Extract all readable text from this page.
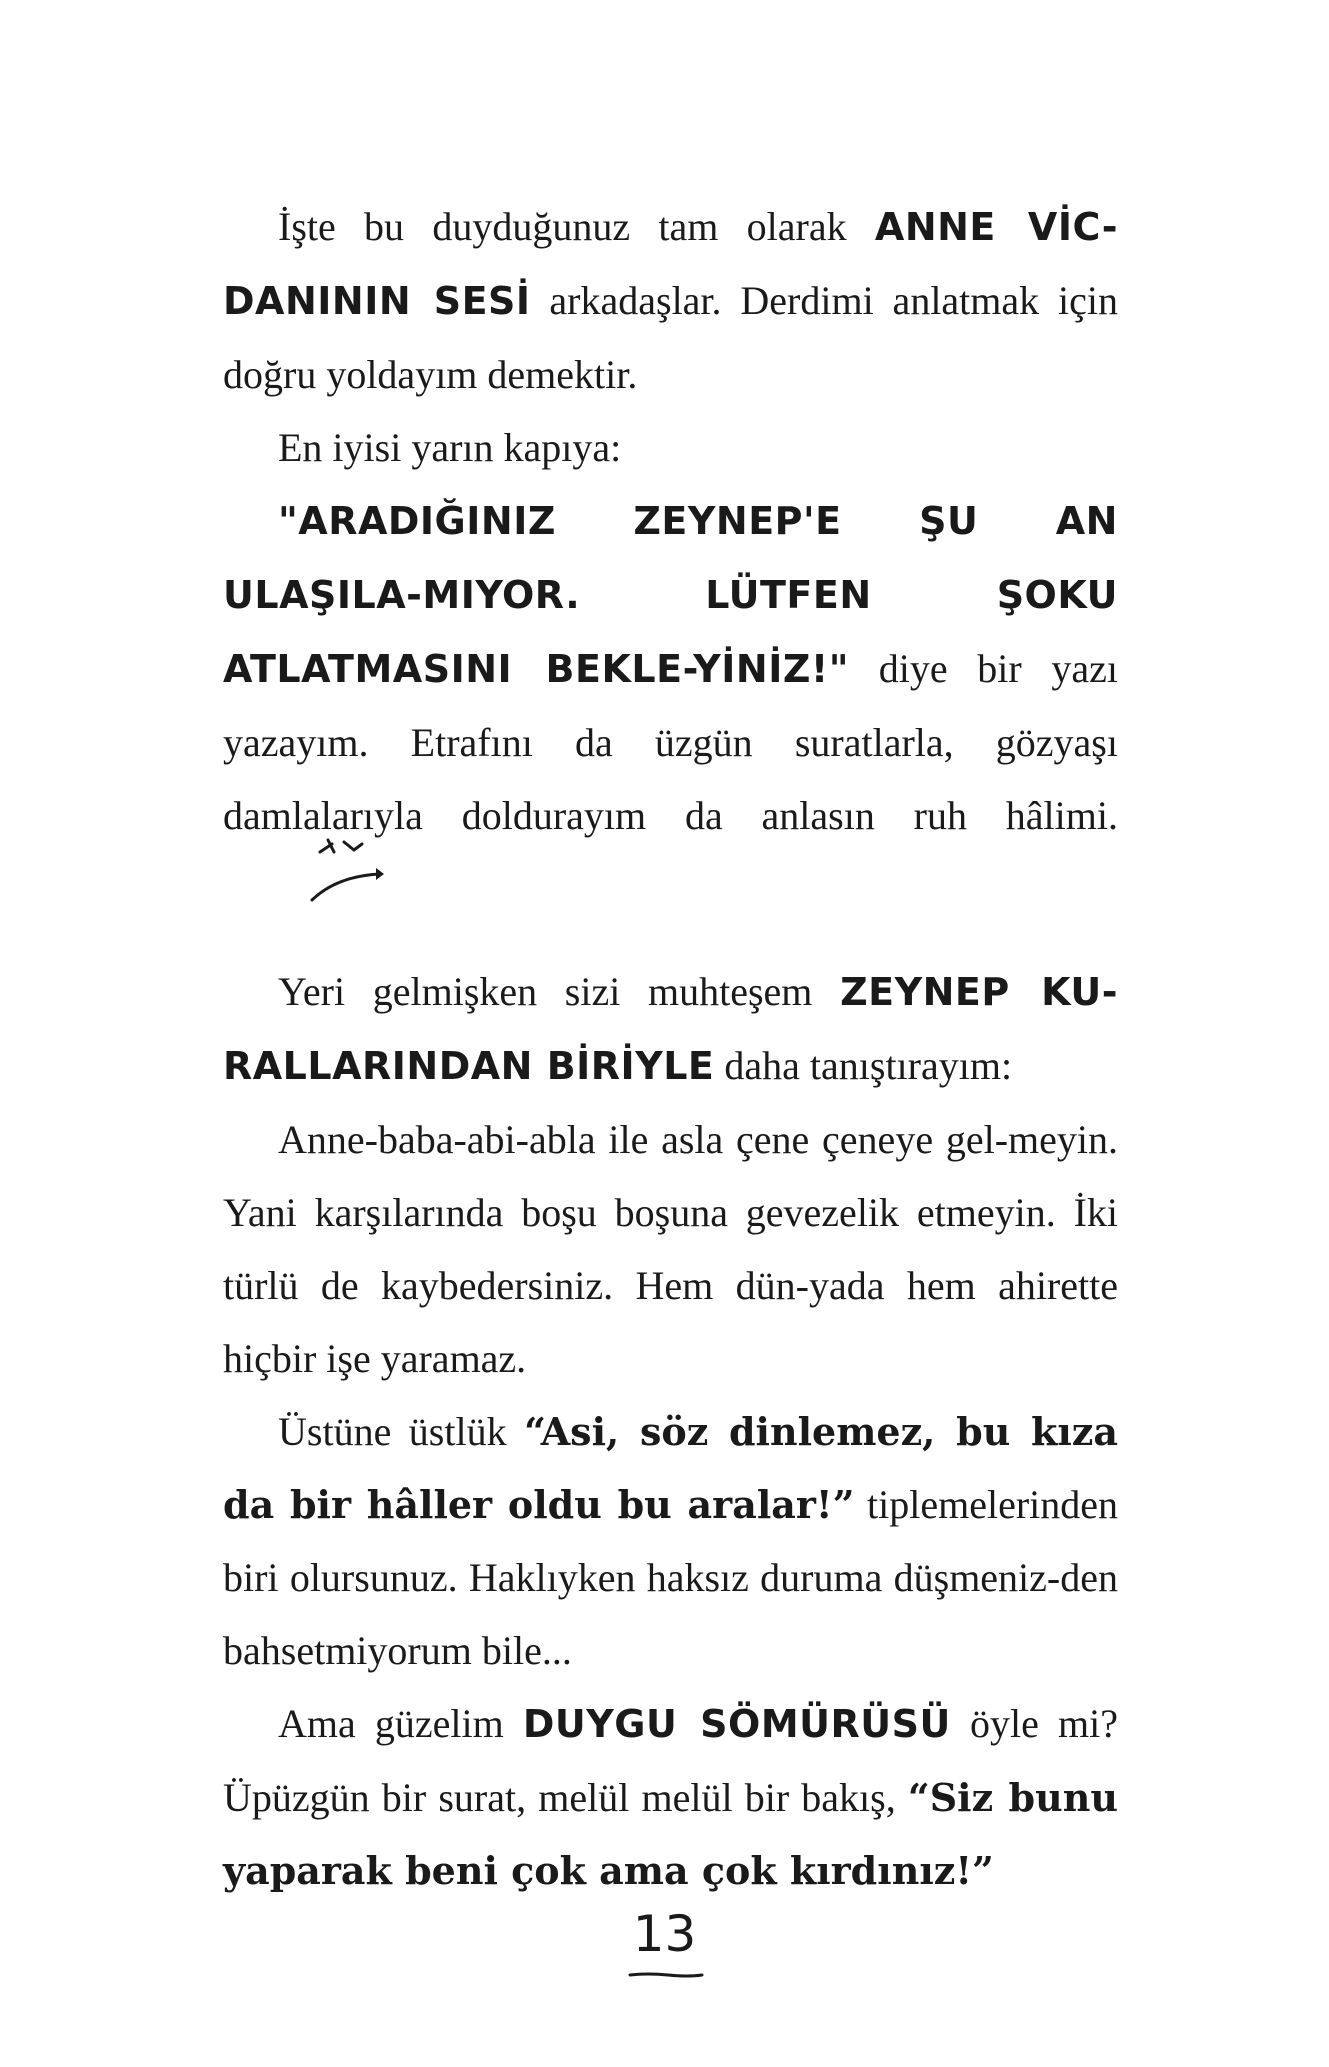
İşte bu duyduğunuz tam olarak ANNE VİC-DANININ SESİ arkadaşlar. Derdimi anlatmak için doğru yoldayım demektir.

En iyisi yarın kapıya:

"ARADIĞINIZ ZEYNEP'E ŞU AN ULAŞILA-MIYOR. LÜTFEN ŞOKU ATLATMASINI BEKLE-YİNİZ!" diye bir yazı yazayım. Etrafını da üzgün suratlarla, gözyaşı damlalarıyla doldurayım da anlasın ruh hâlimi.

Yeri gelmişken sizi muhteşem ZEYNEP KU-RALLARINDAN BİRİYLE daha tanıştırayım:

Anne-baba-abi-abla ile asla çene çeneye gel-meyin. Yani karşılarında boşu boşuna gevezelik etmeyin. İki türlü de kaybedersiniz. Hem dün-yada hem ahirette hiçbir işe yaramaz.

Üstüne üstlük “Asi, söz dinlemez, bu kıza da bir hâller oldu bu aralar!” tiplemelerinden biri olursunuz. Haklıyken haksız duruma düşmeniz-den bahsetmiyorum bile...

Ama güzelim DUYGU SÖMÜRÜSÜ öyle mi? Üpüzgün bir surat, melül melül bir bakış, “Siz bunu yaparak beni çok ama çok kırdınız!”

13
